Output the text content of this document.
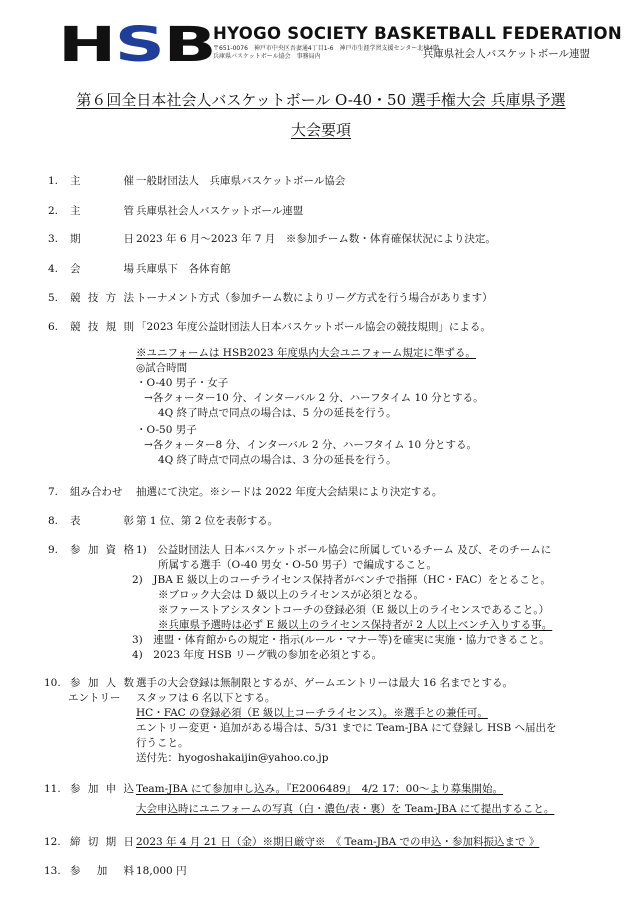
H S B
HYOGO SOCIETY BASKETBALL FEDERATION
〒651-0076　神戸市中央区吾妻通4丁目1-6　神戸市生涯学習支援センター北棟4階
兵庫県バスケットボール協会　事務局内	兵庫県社会人バスケットボール連盟
第６回全日本社会人バスケットボール O-40・50 選手権大会 兵庫県予選
大会要項
1. 主	催 一般財団法人　兵庫県バスケットボール協会
2. 主	管 兵庫県社会人バスケットボール連盟
3. 期	日 2023 年 6 月〜2023 年 7 月　※参加チーム数・体育確保状況により決定。
4. 会	場 兵庫県下　各体育館
5. 競 技 方 法 トーナメント方式（参加チーム数によりリーグ方式を行う場合があります）
6. 競 技 規 則 「2023 年度公益財団法人日本バスケットボール協会の競技規則」による。
※ユニフォームは HSB2023 年度県内大会ユニフォーム規定に準ずる。
◎試合時間
・O-40 男子・女子
→各クォーター10 分、インターバル 2 分、ハーフタイム 10 分とする。
4Q 終了時点で同点の場合は、5 分の延長を行う。
・O-50 男子
→各クォーター8 分、インターバル 2 分、ハーフタイム 10 分とする。
4Q 終了時点で同点の場合は、3 分の延長を行う。
7. 組み合わせ	抽選にて決定。※シードは 2022 年度大会結果により決定する。
8. 表	彰 第 1 位、第 2 位を表彰する。
9. 参 加 資 格 1)　公益財団法人 日本バスケットボール協会に所属しているチーム 及び、そのチームに
所属する選手（O-40 男女・O-50 男子）で編成すること。
2)　JBA E 級以上のコーチライセンス保持者がベンチで指揮（HC・FAC）をとること。
※ブロック大会は D 級以上のライセンスが必須となる。
※ファーストアシスタントコーチの登録必須（E 級以上のライセンスであること。）
※兵庫県予選時は必ず E 級以上のライセンス保持者が 2 人以上ベンチ入りする事。
3)　連盟・体育館からの規定・指示(ルール・マナー等)を確実に実施・協力できること。
4)　2023 年度 HSB リーグ戦の参加を必須とする。
10. 参 加 人 数
エントリー
選手の大会登録は無制限とするが、ゲームエントリーは最大 16 名までとする。
スタッフは 6 名以下とする。
HC・FAC の登録必須（E 級以上コーチライセンス）。※選手との兼任可。
エントリー変更・追加がある場合は、5/31 までに Team-JBA にて登録し HSB へ届出を
行うこと。
送付先：hyogoshakaijin@yahoo.co.jp
11. 参 加 申 込 Team-JBA にて参加申し込み。『E2006489』　4/2 17：00〜より募集開始。
大会申込時にユニフォームの写真（白・濃色/表・裏）を Team-JBA にて提出すること。
12. 締 切 期 日 2023 年 4 月 21 日（金）※期日厳守※　《 Team-JBA での申込・参加料振込まで 》
13. 参 加 料 18,000 円
